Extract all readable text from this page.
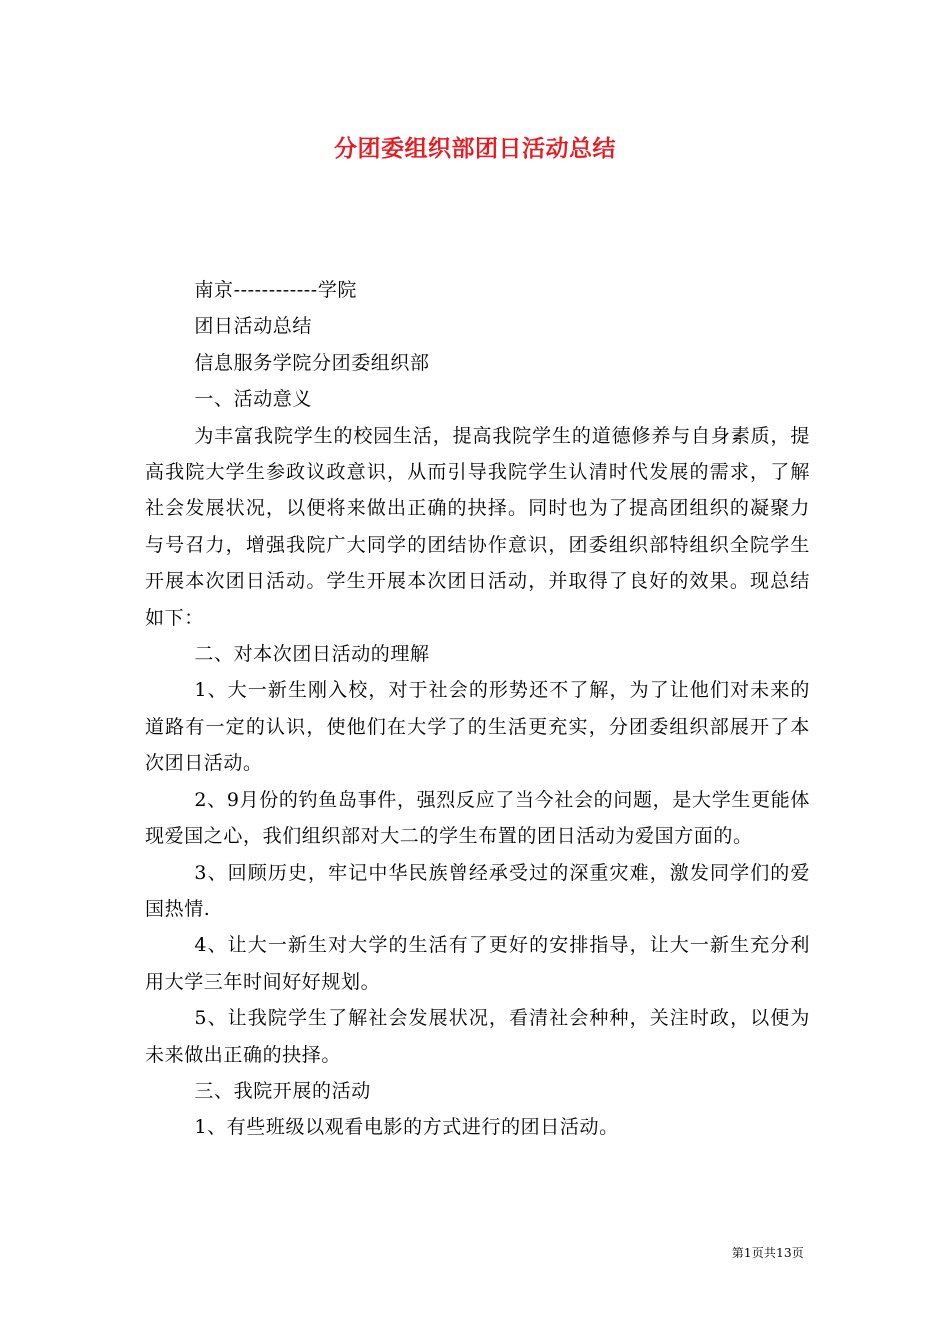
分团委组织部团日活动总结

南京------------学院

团日活动总结

信息服务学院分团委组织部

一、活动意义

为丰富我院学生的校园生活，提高我院学生的道德修养与自身素质，提高我院大学生参政议政意识，从而引导我院学生认清时代发展的需求，了解社会发展状况，以便将来做出正确的抉择。同时也为了提高团组织的凝聚力与号召力，增强我院广大同学的团结协作意识，团委组织部特组织全院学生开展本次团日活动。学生开展本次团日活动，并取得了良好的效果。现总结如下：

二、对本次团日活动的理解

1、大一新生刚入校，对于社会的形势还不了解，为了让他们对未来的道路有一定的认识，使他们在大学了的生活更充实，分团委组织部展开了本次团日活动。

2、9月份的钓鱼岛事件，强烈反应了当今社会的问题，是大学生更能体现爱国之心，我们组织部对大二的学生布置的团日活动为爱国方面的。

3、回顾历史，牢记中华民族曾经承受过的深重灾难，激发同学们的爱国热情.

4、让大一新生对大学的生活有了更好的安排指导，让大一新生充分利用大学三年时间好好规划。

5、让我院学生了解社会发展状况，看清社会种种，关注时政，以便为未来做出正确的抉择。

三、我院开展的活动

1、有些班级以观看电影的方式进行的团日活动。

第1页共13页
